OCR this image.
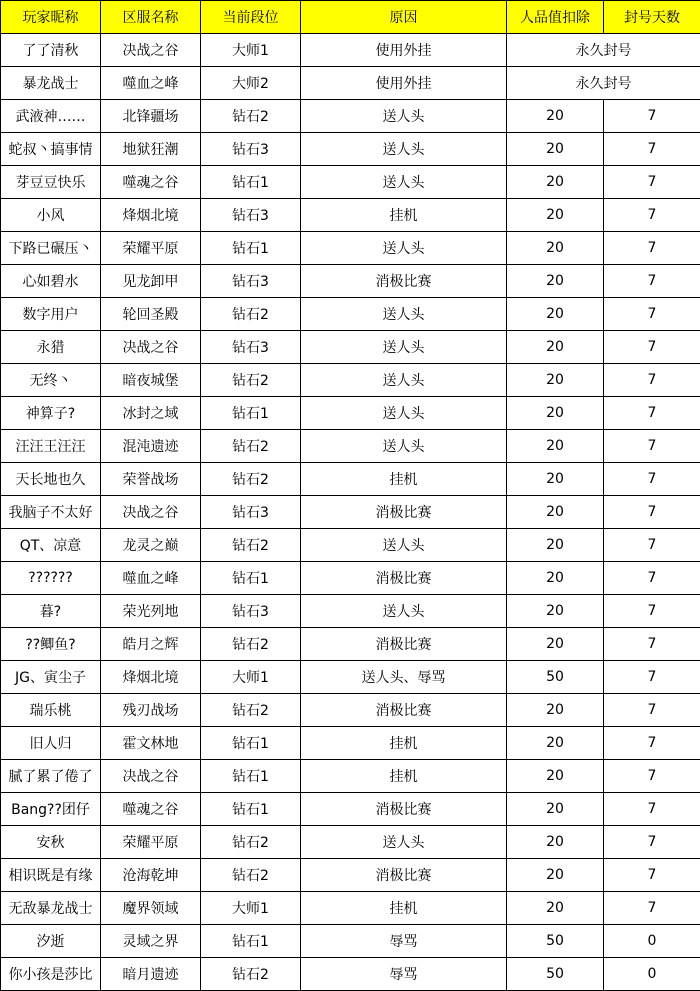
玩家昵称	区服名称	当前段位	原因	人品值扣除	封号天数
了了清秋	决战之谷	大师1	使用外挂	永久封号	
暴龙战士	噬血之峰	大师2	使用外挂	永久封号	
武液神……	北锋疆场	钻石2	送人头	20	7
蛇叔丶搞事情	地狱狂潮	钻石3	送人头	20	7
芽豆豆快乐	噬魂之谷	钻石1	送人头	20	7
小风	烽烟北境	钻石3	挂机	20	7
下路已碾压丶	荣耀平原	钻石1	送人头	20	7
心如碧水	见龙卸甲	钻石3	消极比赛	20	7
数字用户	轮回圣殿	钻石2	送人头	20	7
永猎	决战之谷	钻石3	送人头	20	7
无终丶	暗夜城堡	钻石2	送人头	20	7
神算子?	冰封之域	钻石1	送人头	20	7
汪汪王汪汪	混沌遗迹	钻石2	送人头	20	7
天长地也久	荣誉战场	钻石2	挂机	20	7
我脑子不太好	决战之谷	钻石3	消极比赛	20	7
QT、凉意	龙灵之巅	钻石2	送人头	20	7
??????	噬血之峰	钻石1	消极比赛	20	7
暮?	荣光列地	钻石3	送人头	20	7
??鲫鱼?	皓月之辉	钻石2	消极比赛	20	7
JG、寅尘子	烽烟北境	大师1	送人头、辱骂	50	7
瑞乐桃	残刃战场	钻石2	消极比赛	20	7
旧人归	霍文林地	钻石1	挂机	20	7
腻了累了倦了	决战之谷	钻石1	挂机	20	7
Bang??团仔	噬魂之谷	钻石1	消极比赛	20	7
安秋	荣耀平原	钻石2	送人头	20	7
相识既是有缘	沧海乾坤	钻石2	消极比赛	20	7
无敌暴龙战士	魔界领域	大师1	挂机	20	7
汐逝	灵域之界	钻石1	辱骂	50	0
你小孩是莎比	暗月遗迹	钻石2	辱骂	50	0
